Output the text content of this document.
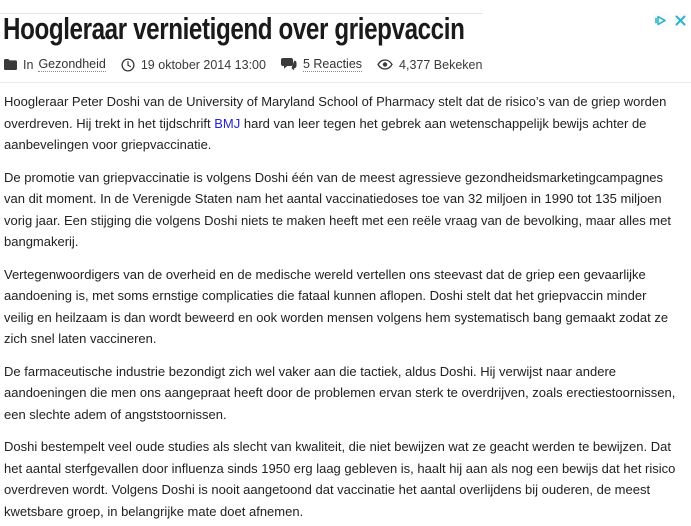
Hoogleraar vernietigend over griepvaccin
In Gezondheid	19 oktober 2014 13:00	5 Reacties	4,377 Bekeken

Hoogleraar Peter Doshi van de University of Maryland School of Pharmacy stelt dat de risico’s van de griep worden overdreven. Hij trekt in het tijdschrift BMJ hard van leer tegen het gebrek aan wetenschappelijk bewijs achter de aanbevelingen voor griepvaccinatie.

De promotie van griepvaccinatie is volgens Doshi één van de meest agressieve gezondheidsmarketingcampagnes van dit moment. In de Verenigde Staten nam het aantal vaccinatiedoses toe van 32 miljoen in 1990 tot 135 miljoen vorig jaar. Een stijging die volgens Doshi niets te maken heeft met een reële vraag van de bevolking, maar alles met bangmakerij.

Vertegenwoordigers van de overheid en de medische wereld vertellen ons steevast dat de griep een gevaarlijke aandoening is, met soms ernstige complicaties die fataal kunnen aflopen. Doshi stelt dat het griepvaccin minder veilig en heilzaam is dan wordt beweerd en ook worden mensen volgens hem systematisch bang gemaakt zodat ze zich snel laten vaccineren.

De farmaceutische industrie bezondigt zich wel vaker aan die tactiek, aldus Doshi. Hij verwijst naar andere aandoeningen die men ons aangepraat heeft door de problemen ervan sterk te overdrijven, zoals erectiestoornissen, een slechte adem of angststoornissen.

Doshi bestempelt veel oude studies als slecht van kwaliteit, die niet bewijzen wat ze geacht werden te bewijzen. Dat het aantal sterfgevallen door influenza sinds 1950 erg laag gebleven is, haalt hij aan als nog een bewijs dat het risico overdreven wordt. Volgens Doshi is nooit aangetoond dat vaccinatie het aantal overlijdens bij ouderen, de meest kwetsbare groep, in belangrijke mate doet afnemen.
